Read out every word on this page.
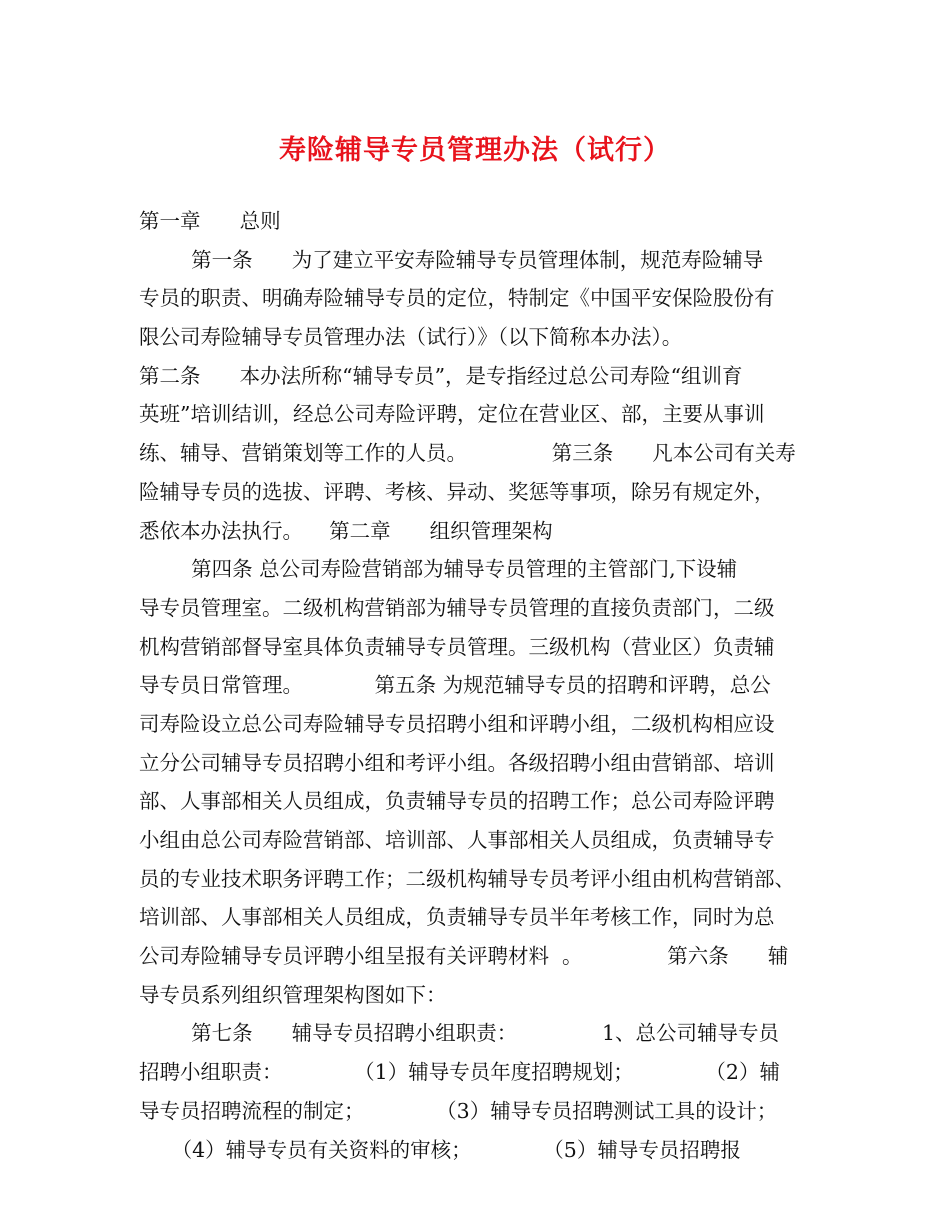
寿险辅导专员管理办法（试行）
第一章      总则
第一条      为了建立平安寿险辅导专员管理体制，规范寿险辅导
专员的职责、明确寿险辅导专员的定位，特制定《中国平安保险股份有
限公司寿险辅导专员管理办法（试行）》（以下简称本办法）。
第二条      本办法所称“辅导专员”，是专指经过总公司寿险“组训育
英班”培训结训，经总公司寿险评聘，定位在营业区、部，主要从事训
练、辅导、营销策划等工作的人员。             第三条      凡本公司有关寿
险辅导专员的选拔、评聘、考核、异动、奖惩等事项，除另有规定外，
悉依本办法执行。    第二章      组织管理架构
第四条 总公司寿险营销部为辅导专员管理的主管部门,下设辅
导专员管理室。二级机构营销部为辅导专员管理的直接负责部门，二级
机构营销部督导室具体负责辅导专员管理。三级机构（营业区）负责辅
导专员日常管理。           第五条 为规范辅导专员的招聘和评聘，总公
司寿险设立总公司寿险辅导专员招聘小组和评聘小组，二级机构相应设
立分公司辅导专员招聘小组和考评小组。各级招聘小组由营销部、培训
部、人事部相关人员组成，负责辅导专员的招聘工作；总公司寿险评聘
小组由总公司寿险营销部、培训部、人事部相关人员组成，负责辅导专
员的专业技术职务评聘工作；二级机构辅导专员考评小组由机构营销部、
培训部、人事部相关人员组成，负责辅导专员半年考核工作，同时为总
公司寿险辅导专员评聘小组呈报有关评聘材料  。             第六条      辅
导专员系列组织管理架构图如下：
第七条      辅导专员招聘小组职责：             1、总公司辅导专员
招聘小组职责：           （1）辅导专员年度招聘规划；           （2）辅
导专员招聘流程的制定；           （3）辅导专员招聘测试工具的设计；
（4）辅导专员有关资料的审核；           （5）辅导专员招聘报
